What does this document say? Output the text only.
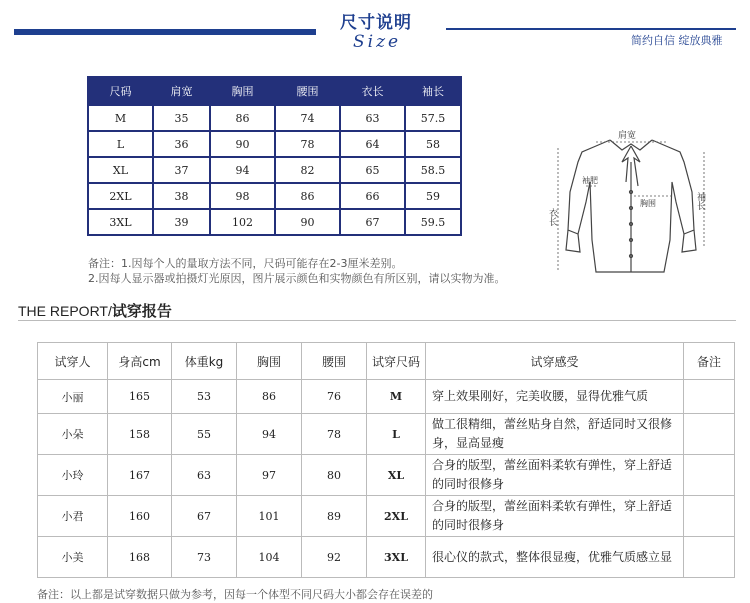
尺寸说明
Size	简约自信 绽放典雅
尺码	肩宽	胸围	腰围	衣长	袖长
M	35	86	74	63	57.5
L	36	90	78	64	58
XL	37	94	82	65	58.5
2XL	38	98	86	66	59
3XL	39	102	90	67	59.5
备注：1.因每个人的量取方法不同，尺码可能存在2-3厘米差别。
2.因每人显示器或拍摄灯光原因，图片展示颜色和实物颜色有所区别，请以实物为准。
肩宽
袖肥
胸围
衣长
袖长
THE REPORT/试穿报告
试穿人	身高cm	体重kg	胸围	腰围	试穿尺码	试穿感受	备注
小丽	165	53	86	76	M	穿上效果刚好，完美收腰，显得优雅气质	
小朵	158	55	94	78	L	做工很精细，蕾丝贴身自然，舒适同时又很修身，显高显瘦	
小玲	167	63	97	80	XL	合身的版型，蕾丝面料柔软有弹性，穿上舒适的同时很修身	
小君	160	67	101	89	2XL	合身的版型，蕾丝面料柔软有弹性，穿上舒适的同时很修身	
小美	168	73	104	92	3XL	很心仪的款式，整体很显瘦，优雅气质感立显	
备注：以上都是试穿数据只做为参考，因每一个体型不同尺码大小都会存在误差的
